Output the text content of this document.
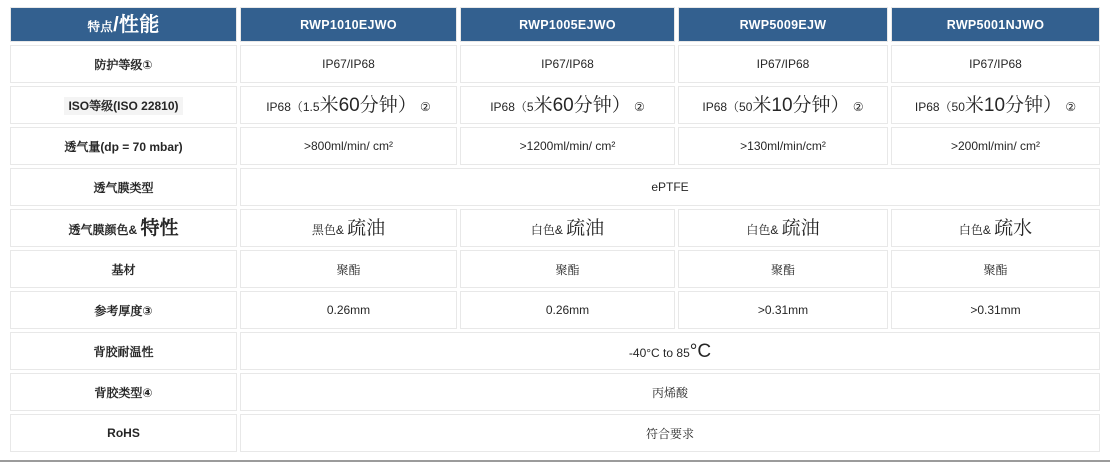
特点/性能	RWP1010EJWO	RWP1005EJWO	RWP5009EJW	RWP5001NJWO
防护等级①	IP67/IP68	IP67/IP68	IP67/IP68	IP67/IP68
ISO等级(ISO 22810)	IP68（1.5米60分钟） ②	IP68（5米60分钟） ②	IP68（50米10分钟） ②	IP68（50米10分钟） ②
透气量(dp = 70 mbar)	>800ml/min/ cm²	>1200ml/min/ cm²	>130ml/min/cm²	>200ml/min/ cm²
透气膜类型	ePTFE			
透气膜颜色& 特性	黑色& 疏油	白色& 疏油	白色& 疏油	白色& 疏水
基材	聚酯	聚酯	聚酯	聚酯
参考厚度③	0.26mm	0.26mm	>0.31mm	>0.31mm
背胶耐温性	-40°C to 85°C			
背胶类型④	丙烯酸			
RoHS	符合要求			
